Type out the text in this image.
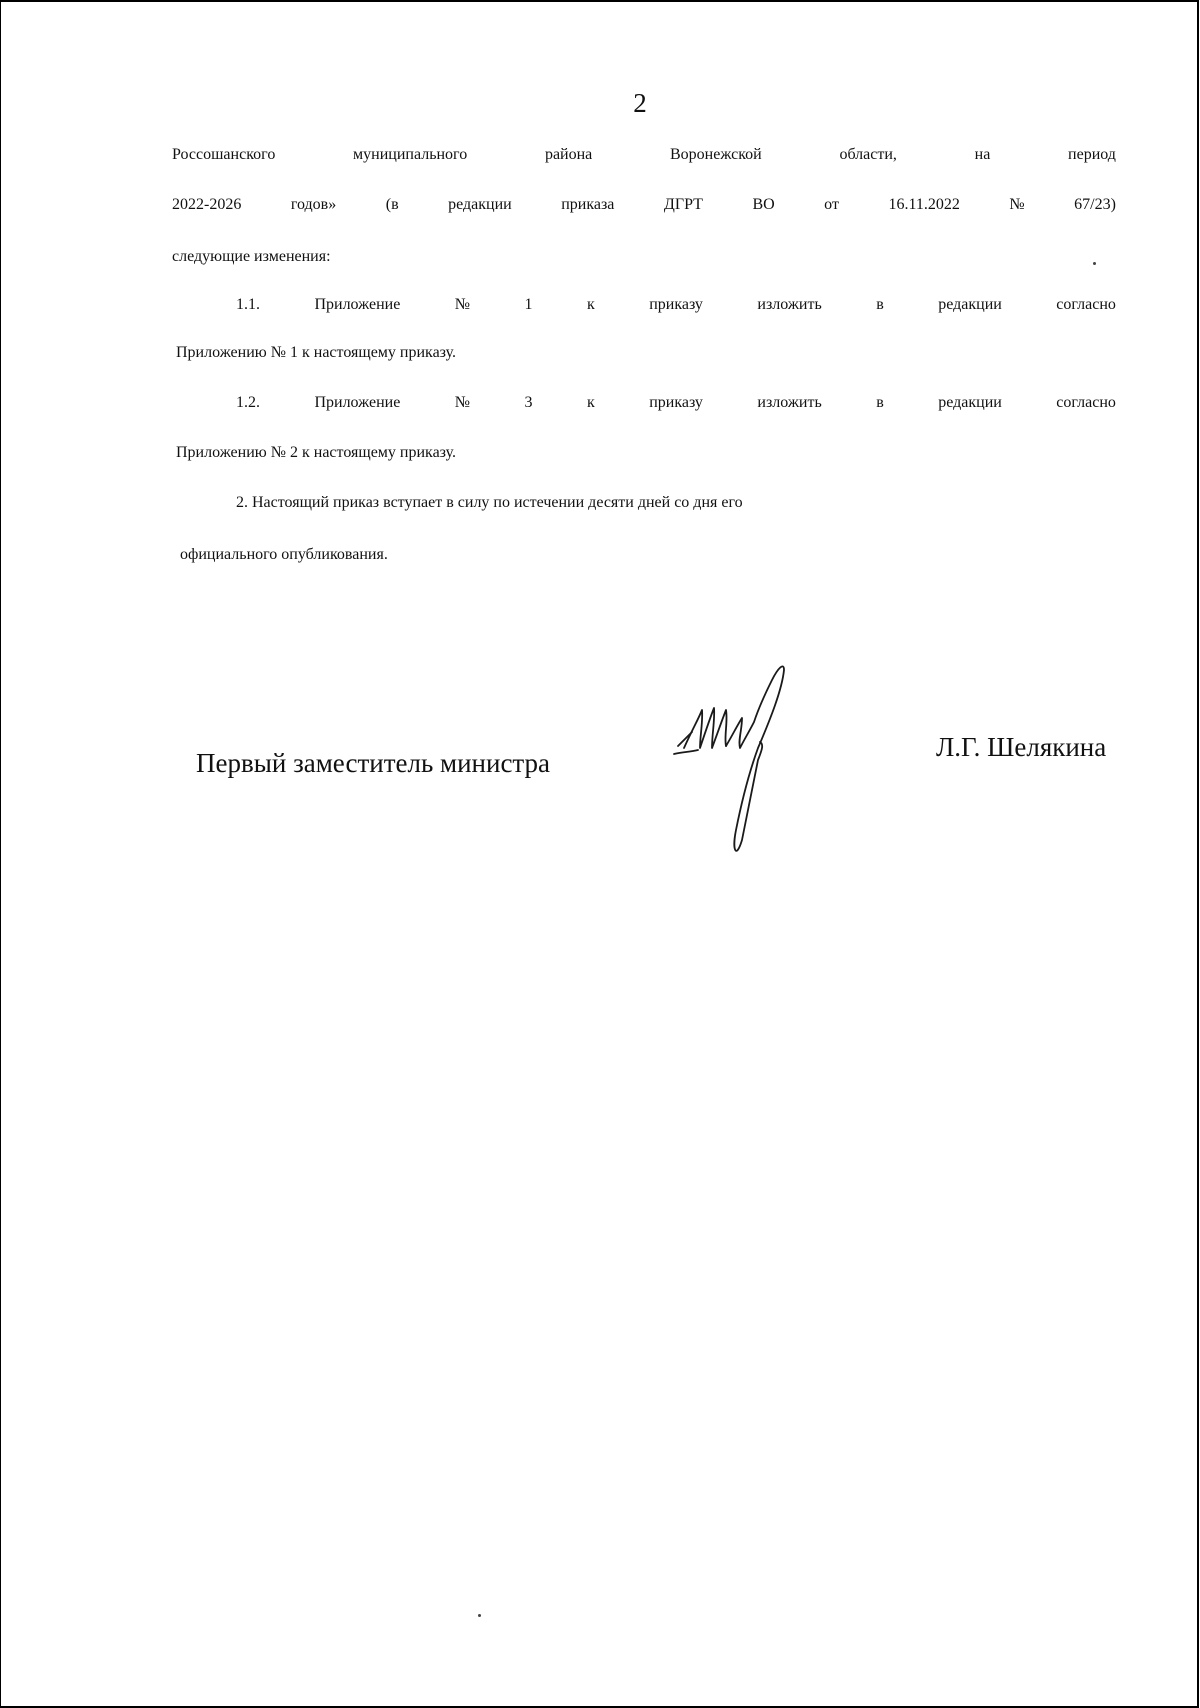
2
Россошанского	муниципального	района	Воронежской	области,	на	период
2022-2026	годов»	(в	редакции	приказа	ДГРТ	ВО	от	16.11.2022	№	67/23)
следующие изменения:
1.1.	Приложение	№	1	к	приказу	изложить	в	редакции	согласно
Приложению № 1 к настоящему приказу.
1.2.	Приложение	№	3	к	приказу	изложить	в	редакции	согласно
Приложению № 2 к настоящему приказу.
2. Настоящий приказ вступает в силу по истечении десяти дней со дня его
официального опубликования.
Первый заместитель министра
Л.Г. Шелякина
